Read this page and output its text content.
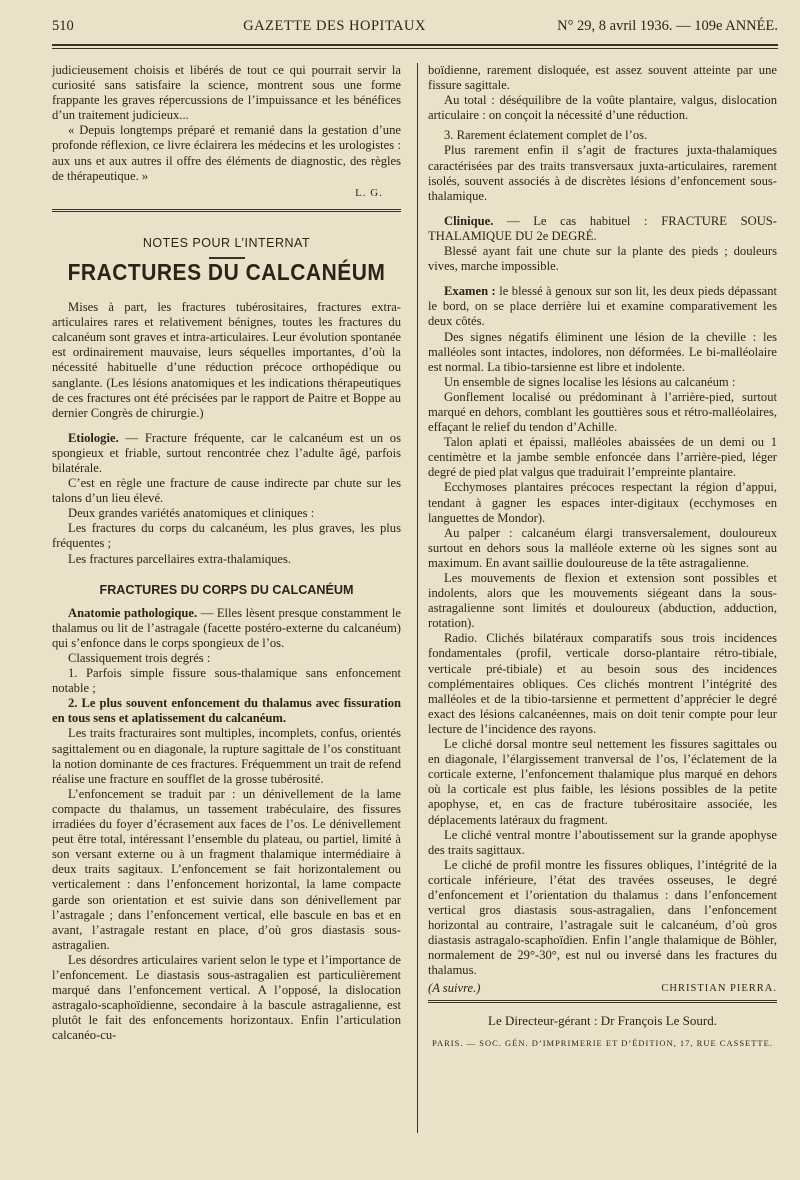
510	GAZETTE DES HOPITAUX	N° 29, 8 avril 1936. — 109e ANNÉE.

judicieusement choisis et libérés de tout ce qui pourrait servir la curiosité sans satisfaire la science, montrent sous une forme frappante les graves répercussions de l’impuissance et les bénéfices d’un traitement judicieux...

« Depuis longtemps préparé et remanié dans la gestation d’une profonde réflexion, ce livre éclairera les médecins et les urologistes : aux uns et aux autres il offre des éléments de diagnostic, des règles de thérapeutique. »

L. G.
NOTES POUR L’INTERNAT
FRACTURES DU CALCANÉUM

Mises à part, les fractures tubérositaires, fractures extra-articulaires rares et relativement bénignes, toutes les fractures du calcanéum sont graves et intra-articulaires. Leur évolution spontanée est ordinairement mauvaise, leurs séquelles importantes, d’où la nécessité habituelle d’une réduction précoce orthopédique ou sanglante. (Les lésions anatomiques et les indications thérapeutiques de ces fractures ont été précisées par le rapport de Paitre et Boppe au dernier Congrès de chirurgie.)

Etiologie. — Fracture fréquente, car le calcanéum est un os spongieux et friable, surtout rencontrée chez l’adulte âgé, parfois bilatérale.

C’est en règle une fracture de cause indirecte par chute sur les talons d’un lieu élevé.

Deux grandes variétés anatomiques et cliniques :

Les fractures du corps du calcanéum, les plus graves, les plus fréquentes ;

Les fractures parcellaires extra-thalamiques.

FRACTURES DU CORPS DU CALCANÉUM

Anatomie pathologique. — Elles lèsent presque constamment le thalamus ou lit de l’astragale (facette postéro-externe du calcanéum) qui s’enfonce dans le corps spongieux de l’os.

Classiquement trois degrés :

1. Parfois simple fissure sous-thalamique sans enfoncement notable ;

2. Le plus souvent enfoncement du thalamus avec fissuration en tous sens et aplatissement du calcanéum.

Les traits fracturaires sont multiples, incomplets, confus, orientés sagittalement ou en diagonale, la rupture sagittale de l’os constituant la notion dominante de ces fractures. Fréquemment un trait de refend réalise une fracture en soufflet de la grosse tubérosité.

L’enfoncement se traduit par : un dénivellement de la lame compacte du thalamus, un tassement trabéculaire, des fissures irradiées du foyer d’écrasement aux faces de l’os. Le dénivellement peut être total, intéressant l’ensemble du plateau, ou partiel, limité à son versant externe ou à un fragment thalamique intermédiaire à deux traits sagitaux. L’enfoncement se fait horizontalement ou verticalement : dans l’enfoncement horizontal, la lame compacte garde son orientation et est suivie dans son dénivellement par l’astragale ; dans l’enfoncement vertical, elle bascule en bas et en avant, l’astragale restant en place, d’où gros diastasis sous-astragalien.

Les désordres articulaires varient selon le type et l’importance de l’enfoncement. Le diastasis sous-astragalien est particulièrement marqué dans l’enfoncement vertical. A l’opposé, la dislocation astragalo-scaphoïdienne, secondaire à la bascule astragalienne, est plutôt le fait des enfoncements horizontaux. Enfin l’articulation calcanéo-cu-

boïdienne, rarement disloquée, est assez souvent atteinte par une fissure sagittale.

Au total : déséquilibre de la voûte plantaire, valgus, dislocation articulaire : on conçoit la nécessité d’une réduction.

3. Rarement éclatement complet de l’os.

Plus rarement enfin il s’agit de fractures juxta-thalamiques caractérisées par des traits transversaux juxta-articulaires, rarement isolés, souvent associés à de discrètes lésions d’enfoncement sous-thalamique.

Clinique. — Le cas habituel : FRACTURE SOUS-THALAMIQUE DU 2e DEGRÉ.

Blessé ayant fait une chute sur la plante des pieds ; douleurs vives, marche impossible.

Examen : le blessé à genoux sur son lit, les deux pieds dépassant le bord, on se place derrière lui et examine comparativement les deux côtés.

Des signes négatifs éliminent une lésion de la cheville : les malléoles sont intactes, indolores, non déformées. Le bi-malléolaire est normal. La tibio-tarsienne est libre et indolente.

Un ensemble de signes localise les lésions au calcanéum :

Gonflement localisé ou prédominant à l’arrière-pied, surtout marqué en dehors, comblant les gouttières sous et rétro-malléolaires, effaçant le relief du tendon d’Achille.

Talon aplati et épaissi, malléoles abaissées de un demi ou 1 centimètre et la jambe semble enfoncée dans l’arrière-pied, léger degré de pied plat valgus que traduirait l’empreinte plantaire.

Ecchymoses plantaires précoces respectant la région d’appui, tendant à gagner les espaces inter-digitaux (ecchymoses en languettes de Mondor).

Au palper : calcanéum élargi transversalement, douloureux surtout en dehors sous la malléole externe où les signes sont au maximum. En avant saillie douloureuse de la tête astragalienne.

Les mouvements de flexion et extension sont possibles et indolents, alors que les mouvements siégeant dans la sous-astragalienne sont limités et douloureux (abduction, adduction, rotation).

Radio. Clichés bilatéraux comparatifs sous trois incidences fondamentales (profil, verticale dorso-plantaire rétro-tibiale, verticale pré-tibiale) et au besoin sous des incidences complémentaires obliques. Ces clichés montrent l’intégrité des malléoles et de la tibio-tarsienne et permettent d’apprécier le degré exact des lésions calcanéennes, mais on doit tenir compte pour leur lecture de l’incidence des rayons.

Le cliché dorsal montre seul nettement les fissures sagittales ou en diagonale, l’élargissement tranversal de l’os, l’éclatement de la corticale externe, l’enfoncement thalamique plus marqué en dehors où la corticale est plus faible, les lésions possibles de la petite apophyse, et, en cas de fracture tubérositaire associée, les déplacements latéraux du fragment.

Le cliché ventral montre l’aboutissement sur la grande apophyse des traits sagittaux.

Le cliché de profil montre les fissures obliques, l’intégrité de la corticale inférieure, l’état des travées osseuses, le degré d’enfoncement et l’orientation du thalamus : dans l’enfoncement vertical gros diastasis sous-astragalien, dans l’enfoncement horizontal au contraire, l’astragale suit le calcanéum, d’où gros diastasis astragalo-scaphoïdien. Enfin l’angle thalamique de Böhler, normalement de 29°-30°, est nul ou inversé dans les fractures du thalamus.

(A suivre.)	CHRISTIAN PIERRA.
Le Directeur-gérant : Dr François Le Sourd.
PARIS. — SOC. GÉN. D’IMPRIMERIE ET D’ÉDITION, 17, RUE CASSETTE.
